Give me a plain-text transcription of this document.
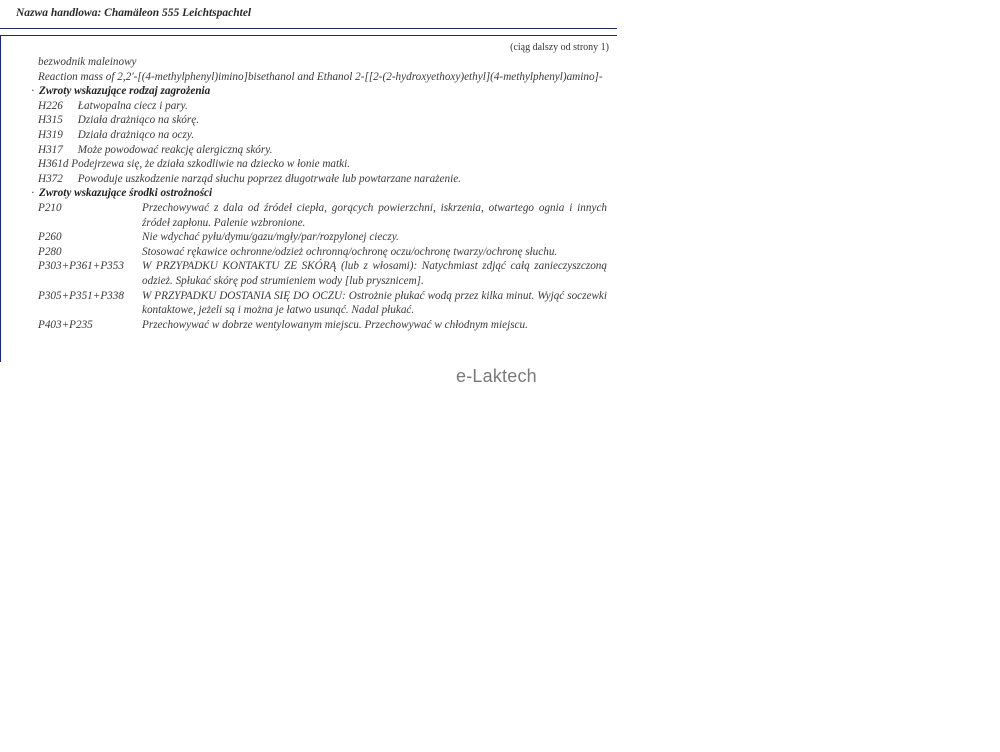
Nazwa handlowa: Chamäleon 555 Leichtspachtel
(ciąg dalszy od strony 1)
bezwodnik maleinowy
Reaction mass of 2,2'-[(4-methylphenyl)imino]bisethanol and Ethanol 2-[[2-(2-hydroxyethoxy)ethyl](4-methylphenyl)amino]-
· Zwroty wskazujące rodzaj zagrożenia
H226 Łatwopalna ciecz i pary.
H315 Działa drażniąco na skórę.
H319 Działa drażniąco na oczy.
H317 Może powodować reakcję alergiczną skóry.
H361d Podejrzewa się, że działa szkodliwie na dziecko w łonie matki.
H372 Powoduje uszkodzenie narząd słuchu poprzez długotrwałe lub powtarzane narażenie.
· Zwroty wskazujące środki ostrożności
P210	Przechowywać z dala od źródeł ciepła, gorących powierzchni, iskrzenia, otwartego ognia i innych źródeł zapłonu. Palenie wzbronione.
P260	Nie wdychać pyłu/dymu/gazu/mgły/par/rozpylonej cieczy.
P280	Stosować rękawice ochronne/odzież ochronną/ochronę oczu/ochronę twarzy/ochronę słuchu.
P303+P361+P353	W PRZYPADKU KONTAKTU ZE SKÓRĄ (lub z włosami): Natychmiast zdjąć całą zanieczyszczoną odzież. Spłukać skórę pod strumieniem wody [lub prysznicem].
P305+P351+P338	W PRZYPADKU DOSTANIA SIĘ DO OCZU: Ostrożnie płukać wodą przez kilka minut. Wyjąć soczewki kontaktowe, jeżeli są i można je łatwo usunąć. Nadal płukać.
P403+P235	Przechowywać w dobrze wentylowanym miejscu. Przechowywać w chłodnym miejscu.
e-Laktech
